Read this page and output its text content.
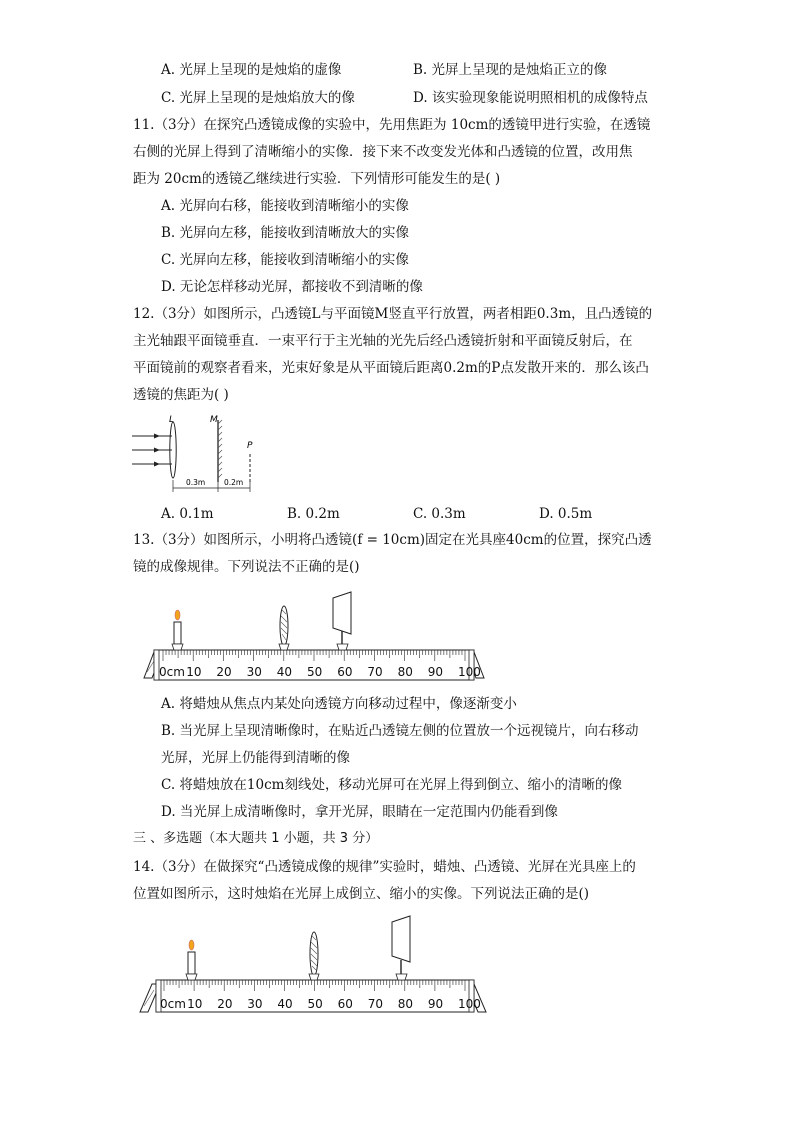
A. 光屏上呈现的是烛焰的虚像	B. 光屏上呈现的是烛焰正立的像
C. 光屏上呈现的是烛焰放大的像	D. 该实验现象能说明照相机的成像特点
11.（3分）在探究凸透镜成像的实验中，先用焦距为 10cm的透镜甲进行实验，在透镜
右侧的光屏上得到了清晰缩小的实像．接下来不改变发光体和凸透镜的位置，改用焦
距为 20cm的透镜乙继续进行实验．下列情形可能发生的是( )
A. 光屏向右移，能接收到清晰缩小的实像
B. 光屏向左移，能接收到清晰放大的实像
C. 光屏向左移，能接收到清晰缩小的实像
D. 无论怎样移动光屏，都接收不到清晰的像
12.（3分）如图所示，凸透镜L与平面镜M竖直平行放置，两者相距0.3m，且凸透镜的
主光轴跟平面镜垂直．一束平行于主光轴的光先后经凸透镜折射和平面镜反射后，在
平面镜前的观察者看来，光束好象是从平面镜后距离0.2m的P点发散开来的．那么该凸
透镜的焦距为( )
L	M
P
0.3m	0.2m
A. 0.1m	B. 0.2m	C. 0.3m	D. 0.5m
13.（3分）如图所示，小明将凸透镜(f = 10cm)固定在光具座40cm的位置，探究凸透
镜的成像规律。下列说法不正确的是()
0cm 10 20 30 40 50 60 70 80 90 100
A. 将蜡烛从焦点内某处向透镜方向移动过程中，像逐渐变小
B. 当光屏上呈现清晰像时，在贴近凸透镜左侧的位置放一个远视镜片，向右移动
光屏，光屏上仍能得到清晰的像
C. 将蜡烛放在10cm刻线处，移动光屏可在光屏上得到倒立、缩小的清晰的像
D. 当光屏上成清晰像时，拿开光屏，眼睛在一定范围内仍能看到像
三 、多选题（本大题共 1 小题，共 3 分）
14.（3分）在做探究“凸透镜成像的规律”实验时，蜡烛、凸透镜、光屏在光具座上的
位置如图所示，这时烛焰在光屏上成倒立、缩小的实像。下列说法正确的是()
0cm 10 20 30 40 50 60 70 80 90 100
